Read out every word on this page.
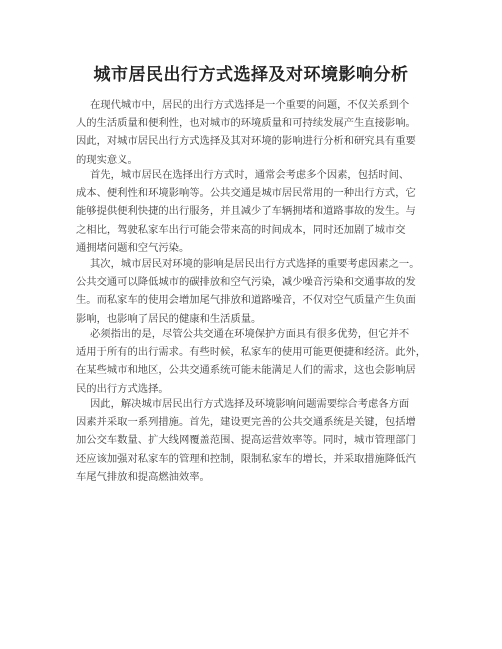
城市居民出行方式选择及对环境影响分析
在现代城市中，居民的出行方式选择是一个重要的问题，不仅关系到个
人的生活质量和便利性，也对城市的环境质量和可持续发展产生直接影响。
因此，对城市居民出行方式选择及其对环境的影响进行分析和研究具有重要
的现实意义。
首先，城市居民在选择出行方式时，通常会考虑多个因素，包括时间、
成本、便利性和环境影响等。公共交通是城市居民常用的一种出行方式，它
能够提供便利快捷的出行服务，并且减少了车辆拥堵和道路事故的发生。与
之相比，驾驶私家车出行可能会带来高的时间成本，同时还加剧了城市交
通拥堵问题和空气污染。
其次，城市居民对环境的影响是居民出行方式选择的重要考虑因素之一。
公共交通可以降低城市的碳排放和空气污染，减少噪音污染和交通事故的发
生。而私家车的使用会增加尾气排放和道路噪音，不仅对空气质量产生负面
影响，也影响了居民的健康和生活质量。
必须指出的是，尽管公共交通在环境保护方面具有很多优势，但它并不
适用于所有的出行需求。有些时候，私家车的使用可能更便捷和经济。此外，
在某些城市和地区，公共交通系统可能未能满足人们的需求，这也会影响居
民的出行方式选择。
因此，解决城市居民出行方式选择及环境影响问题需要综合考虑各方面
因素并采取一系列措施。首先，建设更完善的公共交通系统是关键，包括增
加公交车数量、扩大线网覆盖范围、提高运营效率等。同时，城市管理部门
还应该加强对私家车的管理和控制，限制私家车的增长，并采取措施降低汽
车尾气排放和提高燃油效率。
